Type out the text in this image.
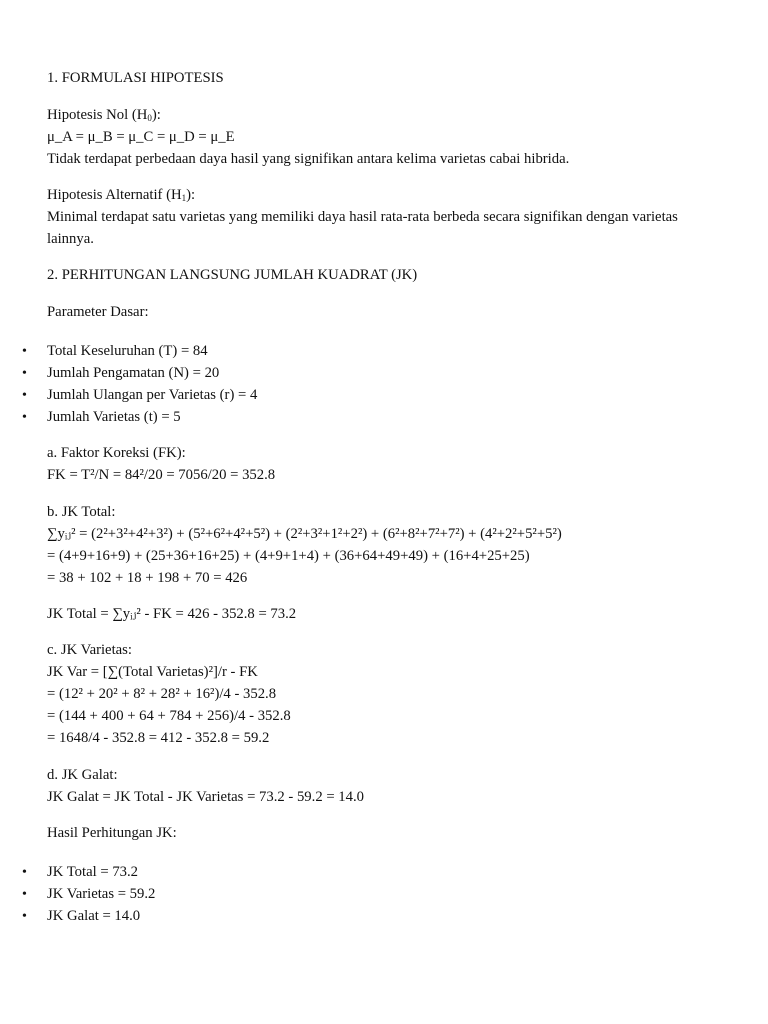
1. FORMULASI HIPOTESIS
Hipotesis Nol $(H_0)$:
μ_A = μ_B = μ_C = μ_D = μ_E
Tidak terdapat perbedaan daya hasil yang signifikan antara kelima varietas cabai hibrida.
Hipotesis Alternatif $(H_1)$:
Minimal terdapat satu varietas yang memiliki daya hasil rata-rata berbeda secara signifikan dengan varietas lainnya.
2. PERHITUNGAN LANGSUNG JUMLAH KUADRAT (JK)
Parameter Dasar:
• Total Keseluruhan (T) = 84
• Jumlah Pengamatan (N) = 20
• Jumlah Ulangan per Varietas (r) = 4
• Jumlah Varietas (t) = 5
a. Faktor Koreksi (FK):
FK = T²/N = 84²/20 = 7056/20 = 352.8
b. JK Total:
∑yᵢⱼ² = (2²+3²+4²+3²) + (5²+6²+4²+5²) + (2²+3²+1²+2²) + (6²+8²+7²+7²) + (4²+2²+5²+5²)
= (4+9+16+9) + (25+36+16+25) + (4+9+1+4) + (36+64+49+49) + (16+4+25+25)
= 38 + 102 + 18 + 198 + 70 = 426
JK Total = ∑yᵢⱼ² - FK = 426 - 352.8 = 73.2
c. JK Varietas:
JK Var = [∑(Total Varietas)²]/r - FK
= (12² + 20² + 8² + 28² + 16²)/4 - 352.8
= (144 + 400 + 64 + 784 + 256)/4 - 352.8
= 1648/4 - 352.8 = 412 - 352.8 = 59.2
d. JK Galat:
JK Galat = JK Total - JK Varietas = 73.2 - 59.2 = 14.0
Hasil Perhitungan JK:
• JK Total = 73.2
• JK Varietas = 59.2
• JK Galat = 14.0
